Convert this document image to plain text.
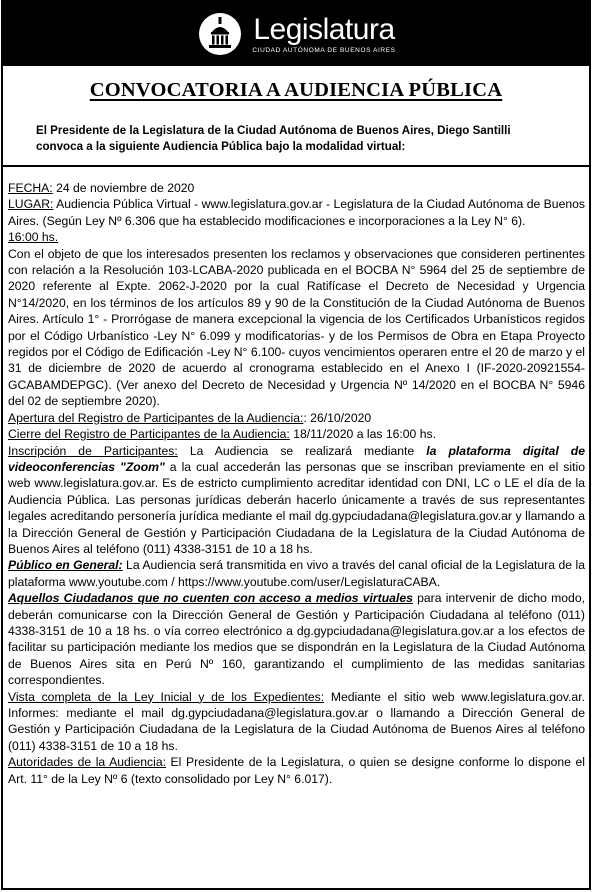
Legislatura
CIUDAD AUTÓNOMA DE BUENOS AIRES
CONVOCATORIA A AUDIENCIA PÚBLICA
El Presidente de la Legislatura de la Ciudad Autónoma de Buenos Aires, Diego Santilli convoca a la siguiente Audiencia Pública bajo la modalidad virtual:
FECHA: 24 de noviembre de 2020
LUGAR: Audiencia Pública Virtual - www.legislatura.gov.ar - Legislatura de la Ciudad Autónoma de Buenos Aires. (Según Ley Nº 6.306 que ha establecido modificaciones e incorporaciones a la Ley N° 6).
16:00 hs.
Con el objeto de que los interesados presenten los reclamos y observaciones que consideren pertinentes con relación a la Resolución 103-LCABA-2020 publicada en el BOCBA N° 5964 del 25 de septiembre de 2020 referente al Expte. 2062-J-2020 por la cual Ratifícase el Decreto de Necesidad y Urgencia N°14/2020, en los términos de los artículos 89 y 90 de la Constitución de la Ciudad Autónoma de Buenos Aires. Artículo 1° - Prorrógase de manera excepcional la vigencia de los Certificados Urbanísticos regidos por el Código Urbanístico -Ley N° 6.099 y modificatorias- y de los Permisos de Obra en Etapa Proyecto regidos por el Código de Edificación -Ley N° 6.100- cuyos vencimientos operaren entre el 20 de marzo y el 31 de diciembre de 2020 de acuerdo al cronograma establecido en el Anexo I (IF-2020-20921554-GCABAMDEPGC). (Ver anexo del Decreto de Necesidad y Urgencia Nº 14/2020 en el BOCBA N° 5946 del 02 de septiembre 2020).
Apertura del Registro de Participantes de la Audiencia:: 26/10/2020
Cierre del Registro de Participantes de la Audiencia: 18/11/2020 a las 16:00 hs.
Inscripción de Participantes: La Audiencia se realizará mediante la plataforma digital de videoconferencias "Zoom" a la cual accederán las personas que se inscriban previamente en el sitio web www.legislatura.gov.ar. Es de estricto cumplimiento acreditar identidad con DNI, LC o LE el día de la Audiencia Pública. Las personas jurídicas deberán hacerlo únicamente a través de sus representantes legales acreditando personería jurídica mediante el mail dg.gypciudadana@legislatura.gov.ar y llamando a la Dirección General de Gestión y Participación Ciudadana de la Legislatura de la Ciudad Autónoma de Buenos Aires al teléfono (011) 4338-3151 de 10 a 18 hs.
Público en General: La Audiencia será transmitida en vivo a través del canal oficial de la Legislatura de la plataforma www.youtube.com / https://www.youtube.com/user/LegislaturaCABA.
Aquellos Ciudadanos que no cuenten con acceso a medios virtuales para intervenir de dicho modo, deberán comunicarse con la Dirección General de Gestión y Participación Ciudadana al teléfono (011) 4338-3151 de 10 a 18 hs. o vía correo electrónico a dg.gypciudadana@legislatura.gov.ar a los efectos de facilitar su participación mediante los medios que se dispondrán en la Legislatura de la Ciudad Autónoma de Buenos Aires sita en Perú Nº 160, garantizando el cumplimiento de las medidas sanitarias correspondientes.
Vista completa de la Ley Inicial y de los Expedientes: Mediante el sitio web www.legislatura.gov.ar. Informes: mediante el mail dg.gypciudadana@legislatura.gov.ar o llamando a Dirección General de Gestión y Participación Ciudadana de la Legislatura de la Ciudad Autónoma de Buenos Aires al teléfono (011) 4338-3151 de 10 a 18 hs.
Autoridades de la Audiencia: El Presidente de la Legislatura, o quien se designe conforme lo dispone el Art. 11° de la Ley Nº 6 (texto consolidado por Ley N° 6.017).
